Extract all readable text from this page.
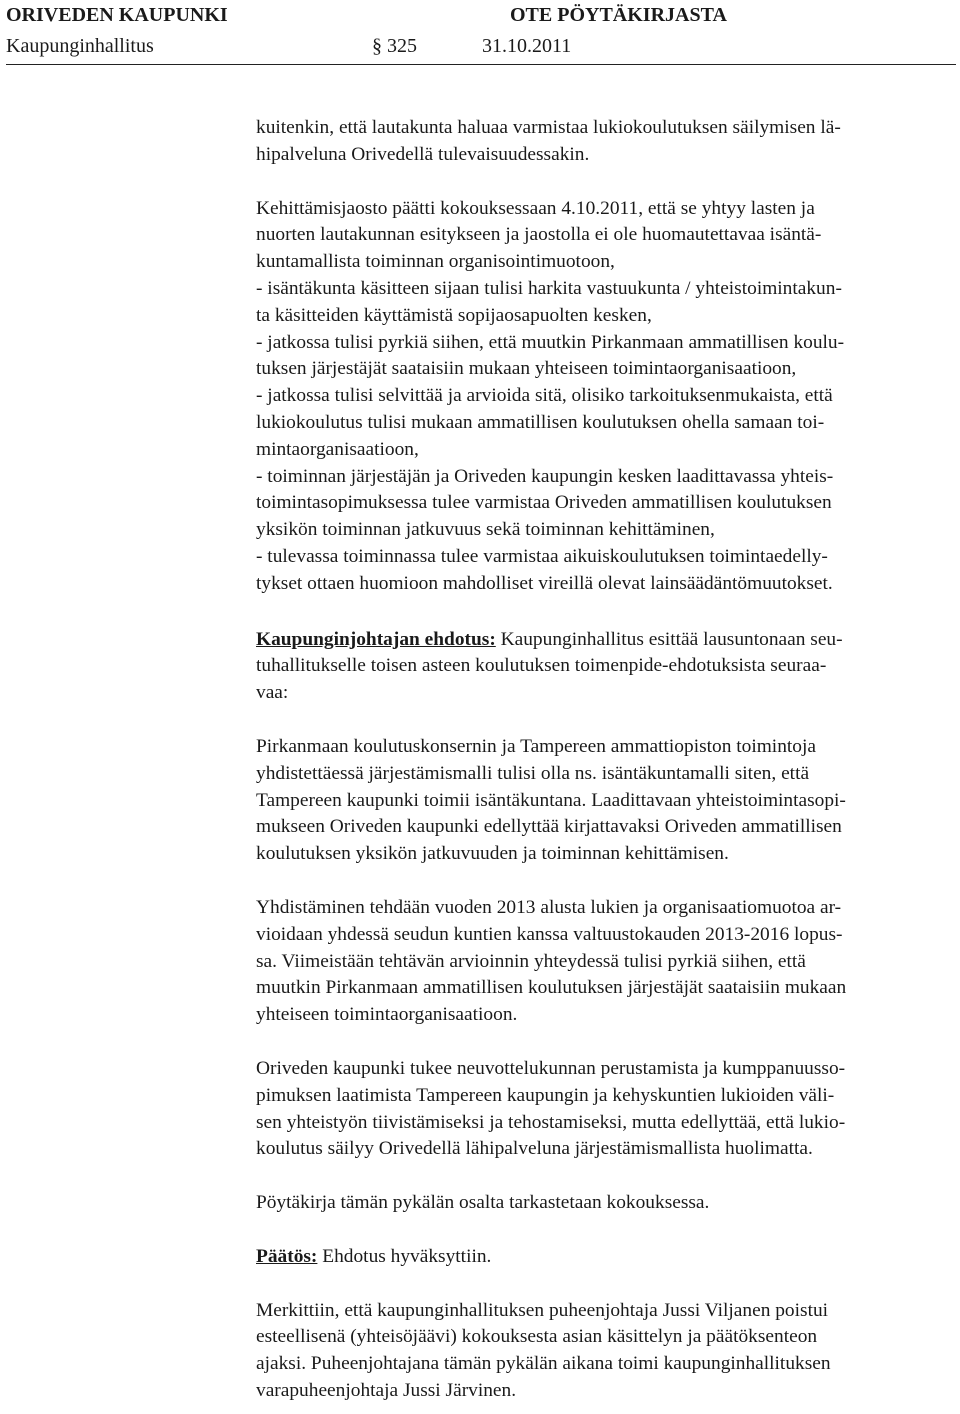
ORIVEDEN KAUPUNKI	OTE PÖYTÄKIRJASTA
Kaupunginhallitus	§ 325	31.10.2011

kuitenkin, että lautakunta haluaa varmistaa lukiokoulutuksen säilymisen lä-
hipalveluna Orivedellä tulevaisuudessakin.

Kehittämisjaosto päätti kokouksessaan 4.10.2011, että se yhtyy lasten ja
nuorten lautakunnan esitykseen ja jaostolla ei ole huomautettavaa isäntä-
kuntamallista toiminnan organisointimuotoon,
- isäntäkunta käsitteen sijaan tulisi harkita vastuukunta / yhteistoimintakun-
ta käsitteiden käyttämistä sopijaosapuolten kesken,
- jatkossa tulisi pyrkiä siihen, että muutkin Pirkanmaan ammatillisen koulu-
tuksen järjestäjät saataisiin mukaan yhteiseen toimintaorganisaatioon,
- jatkossa tulisi selvittää ja arvioida sitä, olisiko tarkoituksenmukaista, että
lukiokoulutus tulisi mukaan ammatillisen koulutuksen ohella samaan toi-
mintaorganisaatioon,
- toiminnan järjestäjän ja Oriveden kaupungin kesken laadittavassa yhteis-
toimintasopimuksessa tulee varmistaa Oriveden ammatillisen koulutuksen
yksikön toiminnan jatkuvuus sekä toiminnan kehittäminen,
- tulevassa toiminnassa tulee varmistaa aikuiskoulutuksen toimintaedelly-
tykset ottaen huomioon mahdolliset vireillä olevat lainsäädäntömuutokset.

Kaupunginjohtajan ehdotus: Kaupunginhallitus esittää lausuntonaan seu-
tuhallitukselle toisen asteen koulutuksen toimenpide-ehdotuksista seuraa-
vaa:

Pirkanmaan koulutuskonsernin ja Tampereen ammattiopiston toimintoja
yhdistettäessä järjestämismalli tulisi olla ns. isäntäkuntamalli siten, että
Tampereen kaupunki toimii isäntäkuntana. Laadittavaan yhteistoimintasopi-
mukseen Oriveden kaupunki edellyttää kirjattavaksi Oriveden ammatillisen
koulutuksen yksikön jatkuvuuden ja toiminnan kehittämisen.

Yhdistäminen tehdään vuoden 2013 alusta lukien ja organisaatiomuotoa ar-
vioidaan yhdessä seudun kuntien kanssa valtuustokauden 2013-2016 lopus-
sa. Viimeistään tehtävän arvioinnin yhteydessä tulisi pyrkiä siihen, että
muutkin Pirkanmaan ammatillisen koulutuksen järjestäjät saataisiin mukaan
yhteiseen toimintaorganisaatioon.

Oriveden kaupunki tukee neuvottelukunnan perustamista ja kumppanuusso-
pimuksen laatimista Tampereen kaupungin ja kehyskuntien lukioiden väli-
sen yhteistyön tiivistämiseksi ja tehostamiseksi, mutta edellyttää, että lukio-
koulutus säilyy Orivedellä lähipalveluna järjestämismallista huolimatta.

Pöytäkirja tämän pykälän osalta tarkastetaan kokouksessa.

Päätös: Ehdotus hyväksyttiin.

Merkittiin, että kaupunginhallituksen puheenjohtaja Jussi Viljanen poistui
esteellisenä (yhteisöjäävi) kokouksesta asian käsittelyn ja päätöksenteon
ajaksi. Puheenjohtajana tämän pykälän aikana toimi kaupunginhallituksen
varapuheenjohtaja Jussi Järvinen.
